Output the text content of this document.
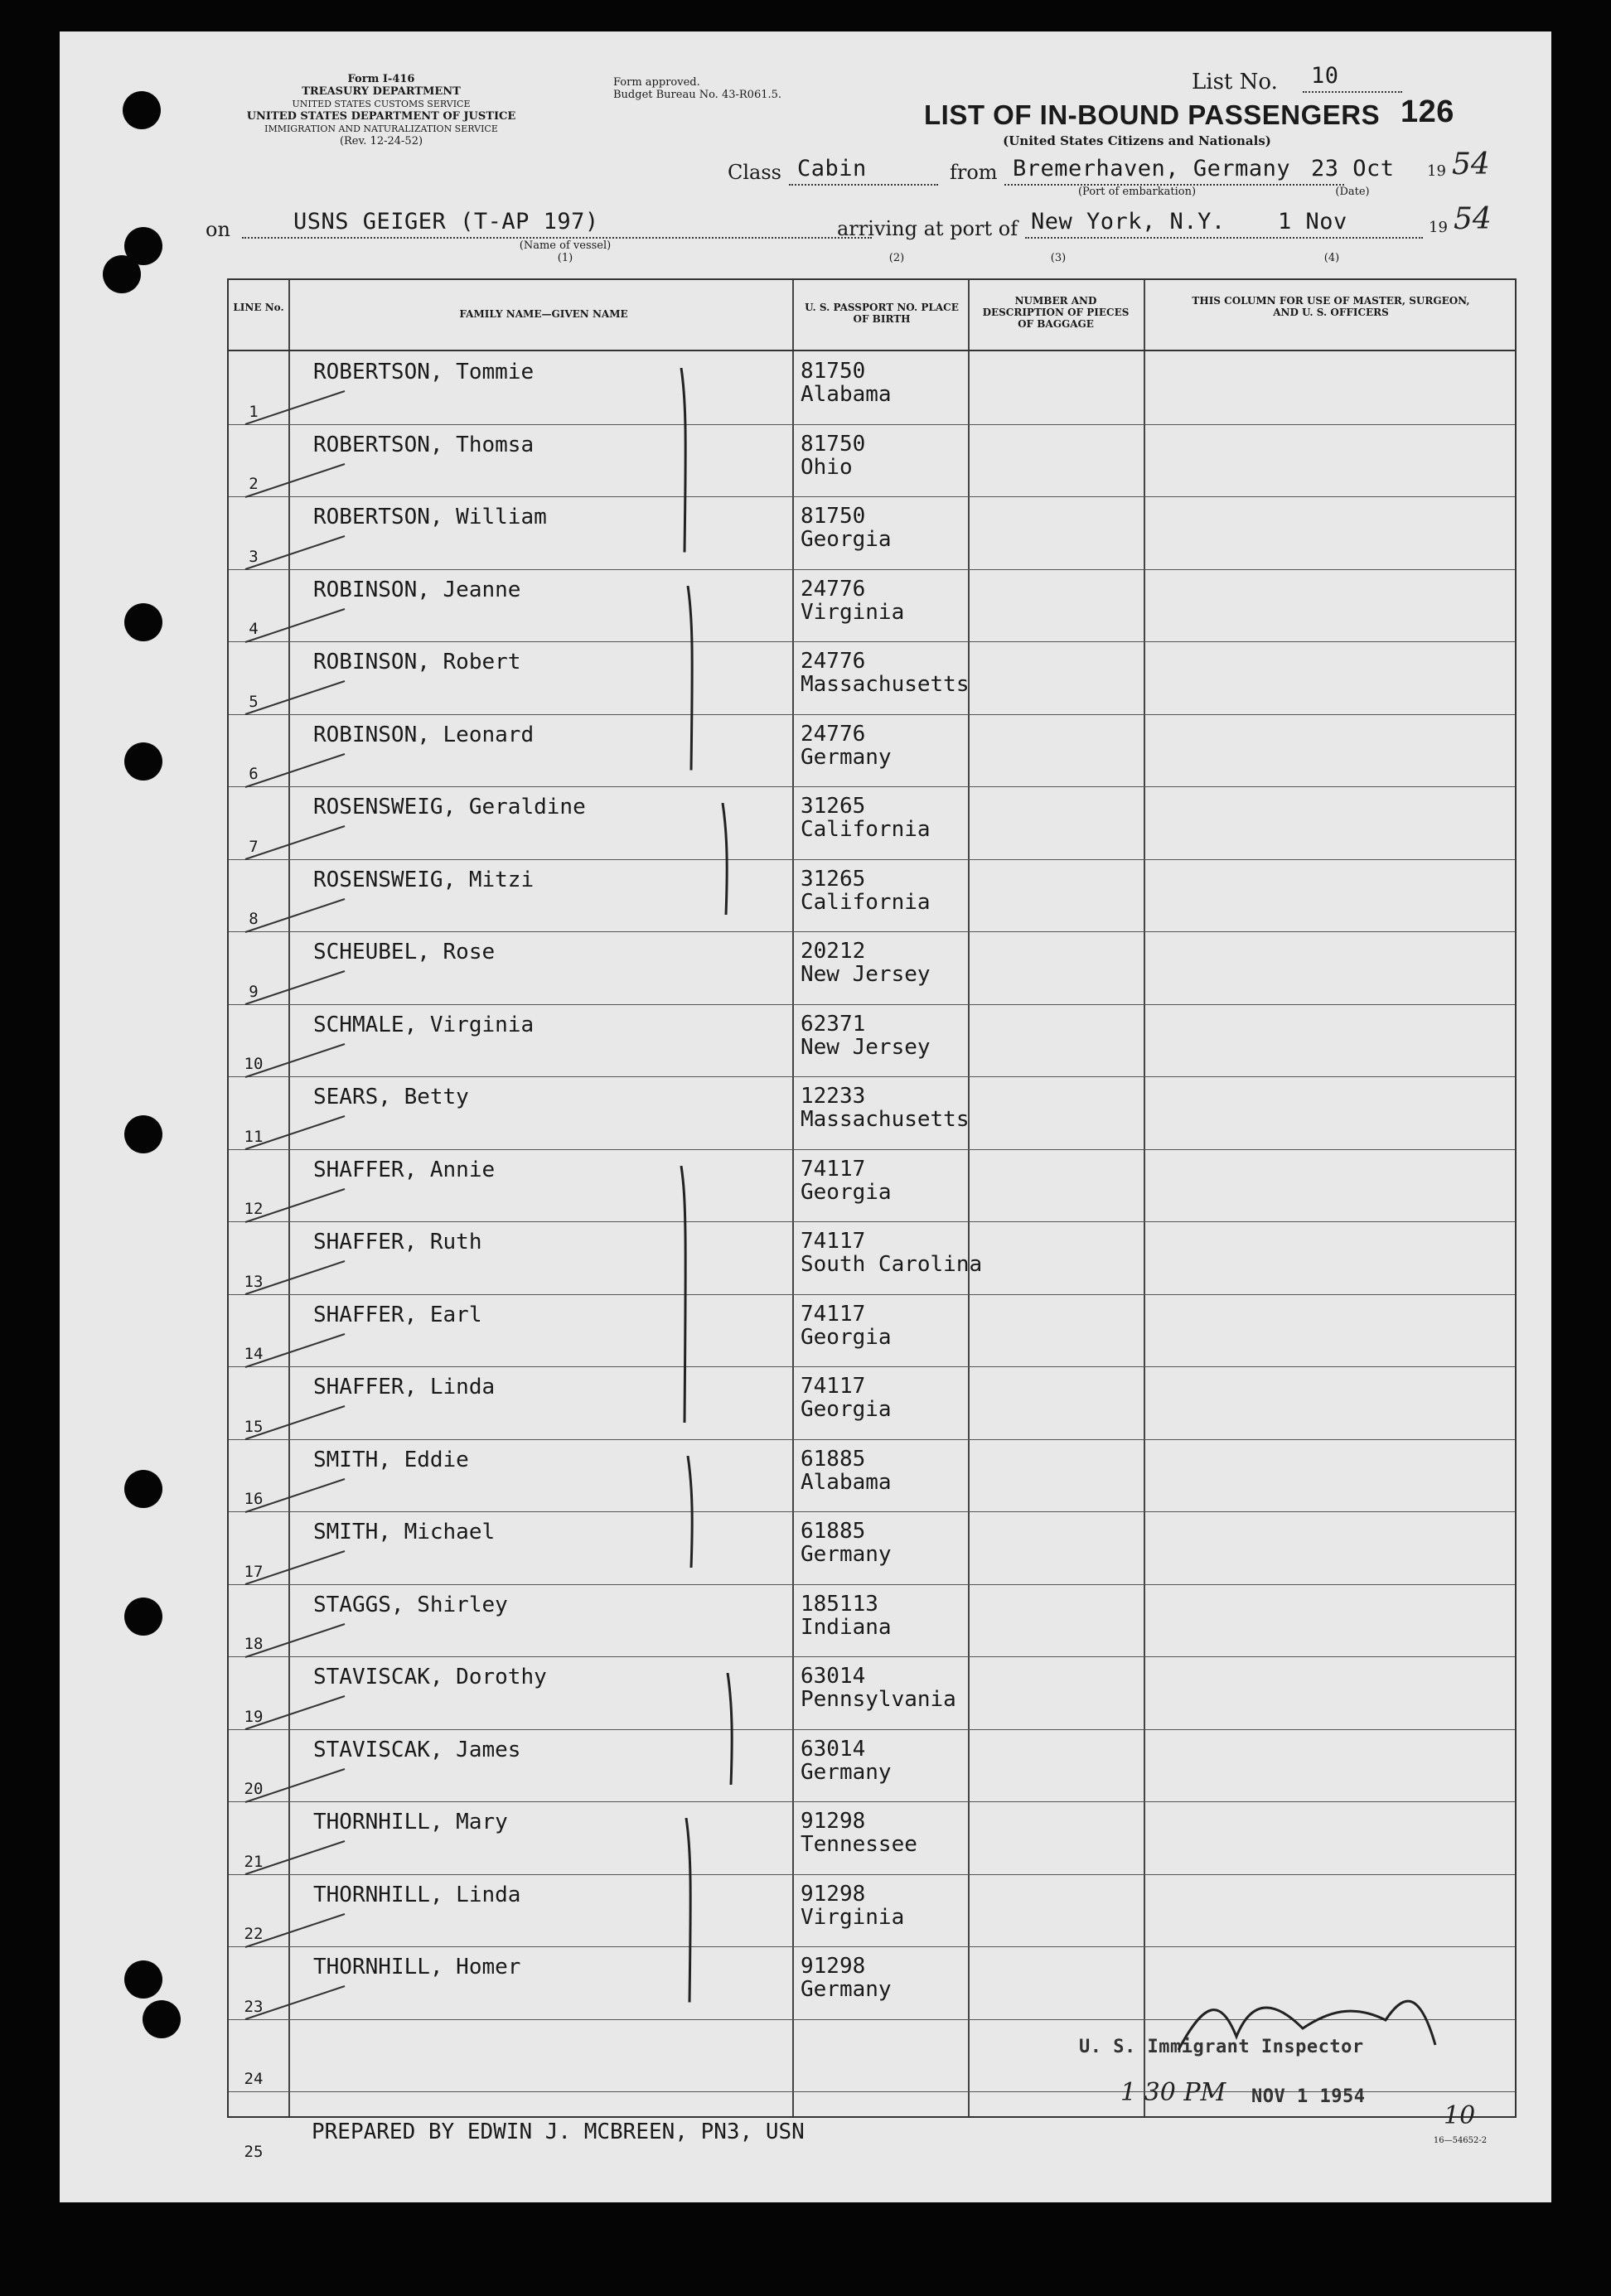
Form I-416
TREASURY DEPARTMENT
UNITED STATES CUSTOMS SERVICE
UNITED STATES DEPARTMENT OF JUSTICE
IMMIGRATION AND NATURALIZATION SERVICE
(Rev. 12-24-52)
Form approved.
Budget Bureau No. 43-R061.5.
List No. 10
126
LIST OF IN-BOUND PASSENGERS
(United States Citizens and Nationals)
Class Cabin	from Bremerhaven, Germany
(Port of embarkation)
23 Oct
(Date)
19 54
on	USNS GEIGER (T-AP 197)
(Name of vessel)
(1)
arriving at port of New York, N.Y. 1 Nov	19 54
(2)	(3)	(4)
LINE No.
FAMILY NAME—GIVEN NAME
U. S. PASSPORT NO. PLACE OF BIRTH
NUMBER AND DESCRIPTION OF PIECES OF BAGGAGE
THIS COLUMN FOR USE OF MASTER, SURGEON, AND U. S. OFFICERS
1
ROBERTSON, Tommie	81750
Alabama
2
ROBERTSON, Thomsa	81750
Ohio
3
ROBERTSON, William	81750
Georgia
4
ROBINSON, Jeanne	24776
Virginia
5
ROBINSON, Robert	24776
Massachusetts
6
ROBINSON, Leonard	24776
Germany
7
ROSENSWEIG, Geraldine	31265
California
8
ROSENSWEIG, Mitzi	31265
California
9
SCHEUBEL, Rose	20212
New Jersey
10
SCHMALE, Virginia	62371
New Jersey
11
SEARS, Betty	12233
Massachusetts
12
SHAFFER, Annie	74117
Georgia
13
SHAFFER, Ruth	74117
South Carolina
14
SHAFFER, Earl	74117
Georgia
15
SHAFFER, Linda	74117
Georgia
16
SMITH, Eddie	61885
Alabama
17
SMITH, Michael	61885
Germany
18
STAGGS, Shirley	185113
Indiana
19
STAVISCAK, Dorothy	63014
Pennsylvania
20
STAVISCAK, James	63014
Germany
21
THORNHILL, Mary	91298
Tennessee
22
THORNHILL, Linda	91298
Virginia
23
THORNHILL, Homer	91298
Germany
24
25
PREPARED BY EDWIN J. MCBREEN, PN3, USN
U. S. Immigrant Inspector
NOV 1 1954
1 30 PM
10
16—54652-2
